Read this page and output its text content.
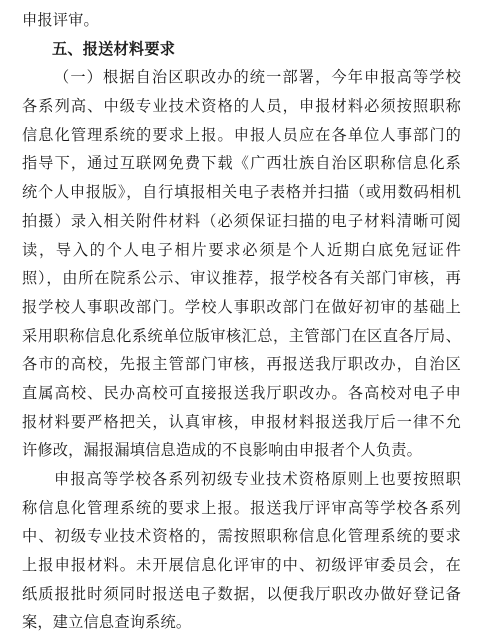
申报评审。
五、报送材料要求
（一）根据自治区职改办的统一部署，今年申报高等学校
各系列高、中级专业技术资格的人员，申报材料必须按照职称
信息化管理系统的要求上报。申报人员应在各单位人事部门的
指导下，通过互联网免费下载《广西壮族自治区职称信息化系
统个人申报版》，自行填报相关电子表格并扫描（或用数码相机
拍摄）录入相关附件材料（必须保证扫描的电子材料清晰可阅
读，导入的个人电子相片要求必须是个人近期白底免冠证件
照），由所在院系公示、审议推荐，报学校各有关部门审核，再
报学校人事职改部门。学校人事职改部门在做好初审的基础上
采用职称信息化系统单位版审核汇总，主管部门在区直各厅局、
各市的高校，先报主管部门审核，再报送我厅职改办，自治区
直属高校、民办高校可直接报送我厅职改办。各高校对电子申
报材料要严格把关，认真审核，申报材料报送我厅后一律不允
许修改，漏报漏填信息造成的不良影响由申报者个人负责。
申报高等学校各系列初级专业技术资格原则上也要按照职
称信息化管理系统的要求上报。报送我厅评审高等学校各系列
中、初级专业技术资格的，需按照职称信息化管理系统的要求
上报申报材料。未开展信息化评审的中、初级评审委员会，在
纸质报批时须同时报送电子数据，以便我厅职改办做好登记备
案，建立信息查询系统。
